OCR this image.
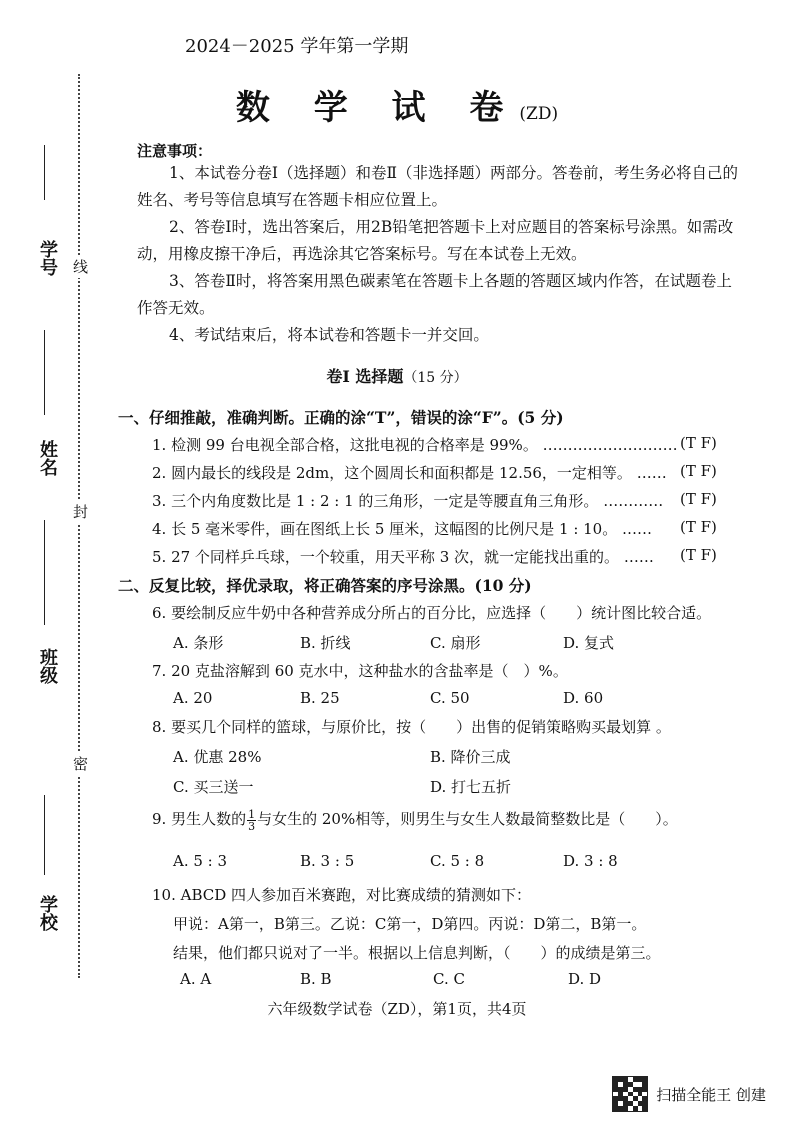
线
封
密
学号
姓名
班级
学校
2024－2025 学年第一学期
数 学 试 卷(ZD)
注意事项：
1、本试卷分卷Ⅰ（选择题）和卷Ⅱ（非选择题）两部分。答卷前，考生务必将自己的姓名、考号等信息填写在答题卡相应位置上。
2、答卷Ⅰ时，选出答案后，用2B铅笔把答题卡上对应题目的答案标号涂黑。如需改动，用橡皮擦干净后，再选涂其它答案标号。写在本试卷上无效。
3、答卷Ⅱ时，将答案用黑色碳素笔在答题卡上各题的答题区域内作答，在试题卷上作答无效。
4、考试结束后，将本试卷和答题卡一并交回。
卷Ⅰ 选择题（15 分）
一、仔细推敲，准确判断。正确的涂“T”，错误的涂“F”。(5 分)
1. 检测 99 台电视全部合格，这批电视的合格率是 99%。 ……………………… (T F)
2. 圆内最长的线段是 2dm，这个圆周长和面积都是 12.56，一定相等。 …… (T F)
3. 三个内角度数比是 1 : 2 : 1 的三角形，一定是等腰直角三角形。 ………… (T F)
4. 长 5 毫米零件，画在图纸上长 5 厘米，这幅图的比例尺是 1 : 10。 …… (T F)
5. 27 个同样乒乓球，一个较重，用天平称 3 次，就一定能找出重的。 …… (T F)
二、反复比较，择优录取，将正确答案的序号涂黑。(10 分)
6. 要绘制反应牛奶中各种营养成分所占的百分比，应选择（　　）统计图比较合适。
A. 条形	B. 折线	C. 扇形	D. 复式
7. 20 克盐溶解到 60 克水中，这种盐水的含盐率是（　）%。
A. 20	B. 25	C. 50	D. 60
8. 要买几个同样的篮球，与原价比，按（　　）出售的促销策略购买最划算 。
A. 优惠 28%	B. 降价三成
C. 买三送一	D. 打七五折
9. 男生人数的 $\frac{1}{3}$ 与女生的 20%相等，则男生与女生人数最简整数比是（　　）。
A. 5 : 3	B. 3 : 5	C. 5 : 8	D. 3 : 8
10. ABCD 四人参加百米赛跑，对比赛成绩的猜测如下：
甲说：A第一，B第三。乙说：C第一，D第四。丙说：D第二，B第一。
结果，他们都只说对了一半。根据以上信息判断，（　　）的成绩是第三。
A. A	B. B	C. C	D. D
六年级数学试卷（ZD），第1页，共4页
扫描全能王 创建
